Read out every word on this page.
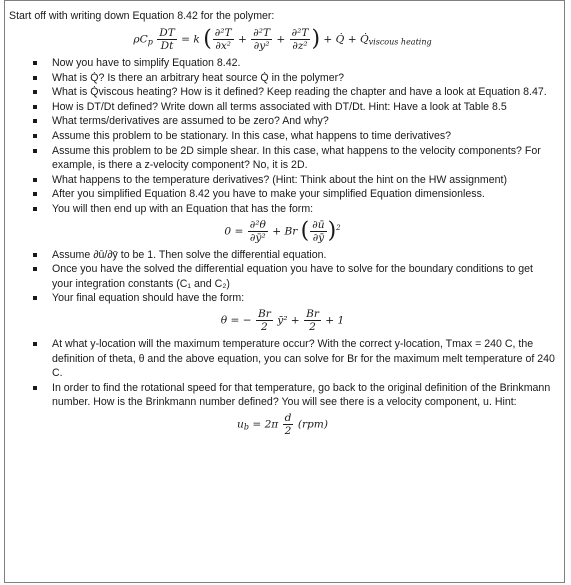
Start off with writing down Equation 8.42 for the polymer:

$\rho C_p \frac{DT}{Dt} = k$ ( $\frac{\text{∂²T}}{\text{∂x²}} + \frac{\text{∂²T}}{\text{∂y²}} + \frac{\text{∂²T}}{\text{∂z²}}$ ) + Q̇ + $Q̇_{viscous heating}$
Now you have to simplify Equation 8.42.
What is Q̇? Is there an arbitrary heat source Q̇ in the polymer?
What is Q̇viscous heating? How is it defined? Keep reading the chapter and have a look at Equation 8.47.
How is DT/Dt defined? Write down all terms associated with DT/Dt. Hint: Have a look at Table 8.5
What terms/derivatives are assumed to be zero? And why?
Assume this problem to be stationary. In this case, what happens to time derivatives?
Assume this problem to be 2D simple shear. In this case, what happens to the velocity components? For example, is there a z-velocity component? No, it is 2D.
What happens to the temperature derivatives? (Hint: Think about the hint on the HW assignment)
After you simplified Equation 8.42 you have to make your simplified Equation dimensionless.
You will then end up with an Equation that has the form:
$0 = \frac{\text{∂²θ}}{\text{∂ȳ²}} + Br$ ( $\frac{\partial ū}{\partial ȳ} )^2$
Assume ∂ū/∂ȳ to be 1. Then solve the differential equation.
Once you have the solved the differential equation you have to solve for the boundary conditions to get your integration constants (C₁ and C₂)
Your final equation should have the form:
θ = − $\frac{Br}{2}$ ȳ² + $\frac{Br}{2} + 1$
At what y-location will the maximum temperature occur? With the correct y-location, Tmax = 240 C, the definition of theta, θ and the above equation, you can solve for Br for the maximum melt temperature of 240 C.
In order to find the rotational speed for that temperature, go back to the original definition of the Brinkmann number. How is the Brinkmann number defined? You will see there is a velocity component, u. Hint:
$u_b = 2\pi \frac{d}{2} (rpm)$
